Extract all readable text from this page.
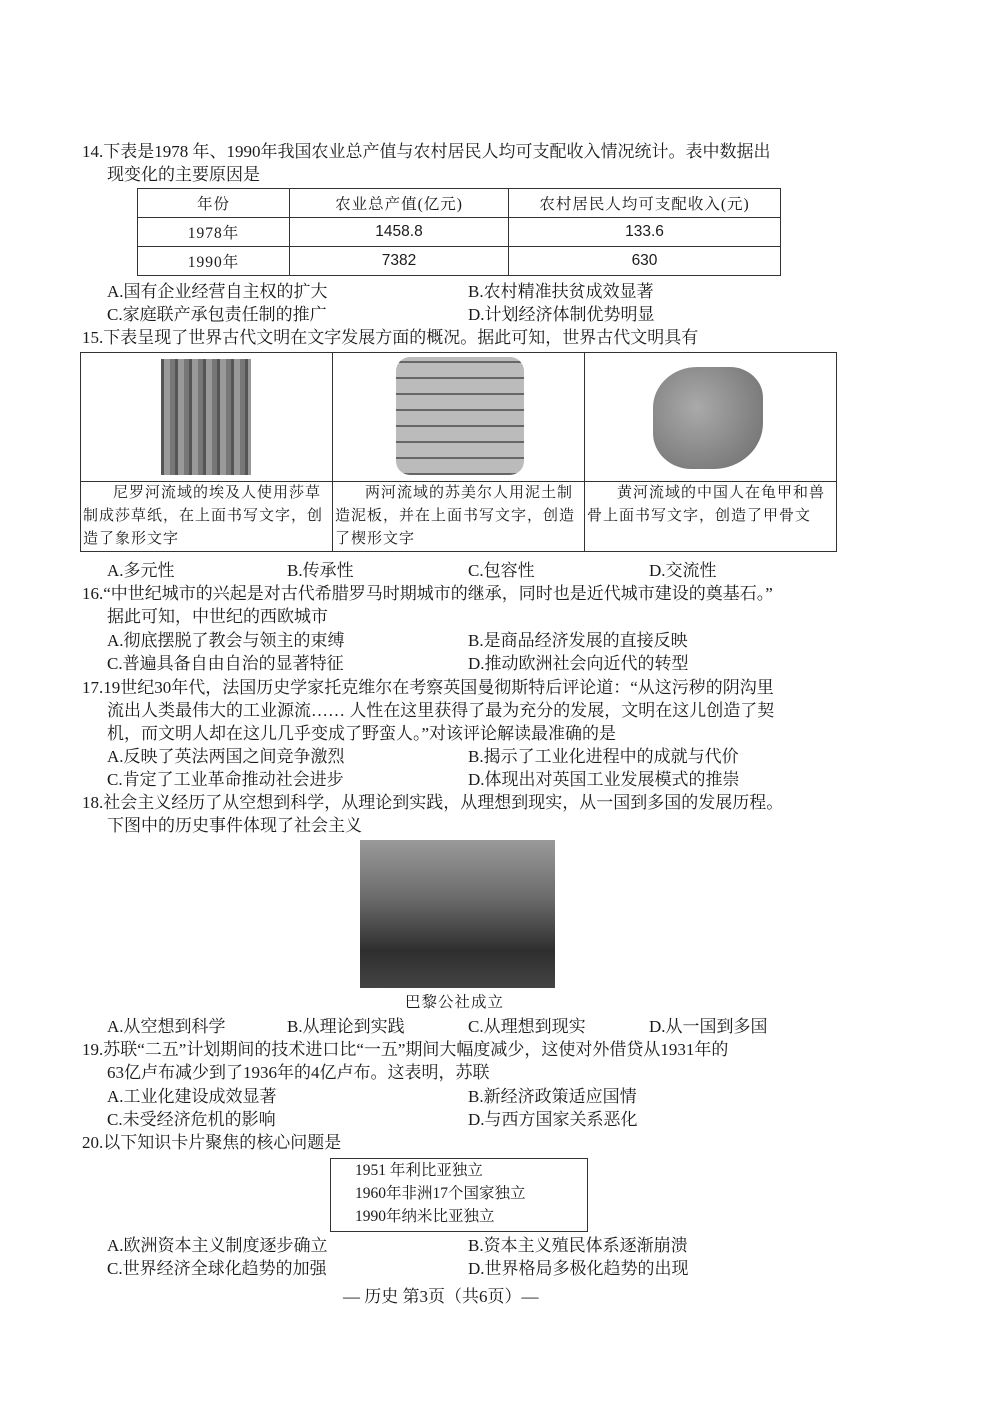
14.下表是1978 年、1990年我国农业总产值与农村居民人均可支配收入情况统计。表中数据出
现变化的主要原因是
年份	农业总产值(亿元)	农村居民人均可支配收入(元)
1978年	1458.8	133.6
1990年	7382	630
A.国有企业经营自主权的扩大	B.农村精准扶贫成效显著
C.家庭联产承包责任制的推广	D.计划经济体制优势明显
15.下表呈现了世界古代文明在文字发展方面的概况。据此可知，世界古代文明具有

尼罗河流域的埃及人使用莎草制成莎草纸，在上面书写文字，创造了象形文字	两河流域的苏美尔人用泥土制造泥板，并在上面书写文字，创造了楔形文字	黄河流域的中国人在龟甲和兽骨上面书写文字，创造了甲骨文
A.多元性	B.传承性	C.包容性	D.交流性
16.“中世纪城市的兴起是对古代希腊罗马时期城市的继承，同时也是近代城市建设的奠基石。”
据此可知，中世纪的西欧城市
A.彻底摆脱了教会与领主的束缚	B.是商品经济发展的直接反映
C.普遍具备自由自治的显著特征	D.推动欧洲社会向近代的转型
17.19世纪30年代，法国历史学家托克维尔在考察英国曼彻斯特后评论道：“从这污秽的阴沟里
流出人类最伟大的工业源流…… 人性在这里获得了最为充分的发展，文明在这儿创造了契
机，而文明人却在这儿几乎变成了野蛮人。”对该评论解读最准确的是
A.反映了英法两国之间竞争激烈	B.揭示了工业化进程中的成就与代价
C.肯定了工业革命推动社会进步	D.体现出对英国工业发展模式的推崇
18.社会主义经历了从空想到科学，从理论到实践，从理想到现实，从一国到多国的发展历程。
下图中的历史事件体现了社会主义
巴黎公社成立
A.从空想到科学	B.从理论到实践	C.从理想到现实	D.从一国到多国
19.苏联“二五”计划期间的技术进口比“一五”期间大幅度减少，这使对外借贷从1931年的
63亿卢布减少到了1936年的4亿卢布。这表明，苏联
A.工业化建设成效显著	B.新经济政策适应国情
C.未受经济危机的影响	D.与西方国家关系恶化
20.以下知识卡片聚焦的核心问题是
1951 年利比亚独立
1960年非洲17个国家独立
1990年纳米比亚独立
A.欧洲资本主义制度逐步确立	B.资本主义殖民体系逐渐崩溃
C.世界经济全球化趋势的加强	D.世界格局多极化趋势的出现
— 历史 第3页（共6页）—
